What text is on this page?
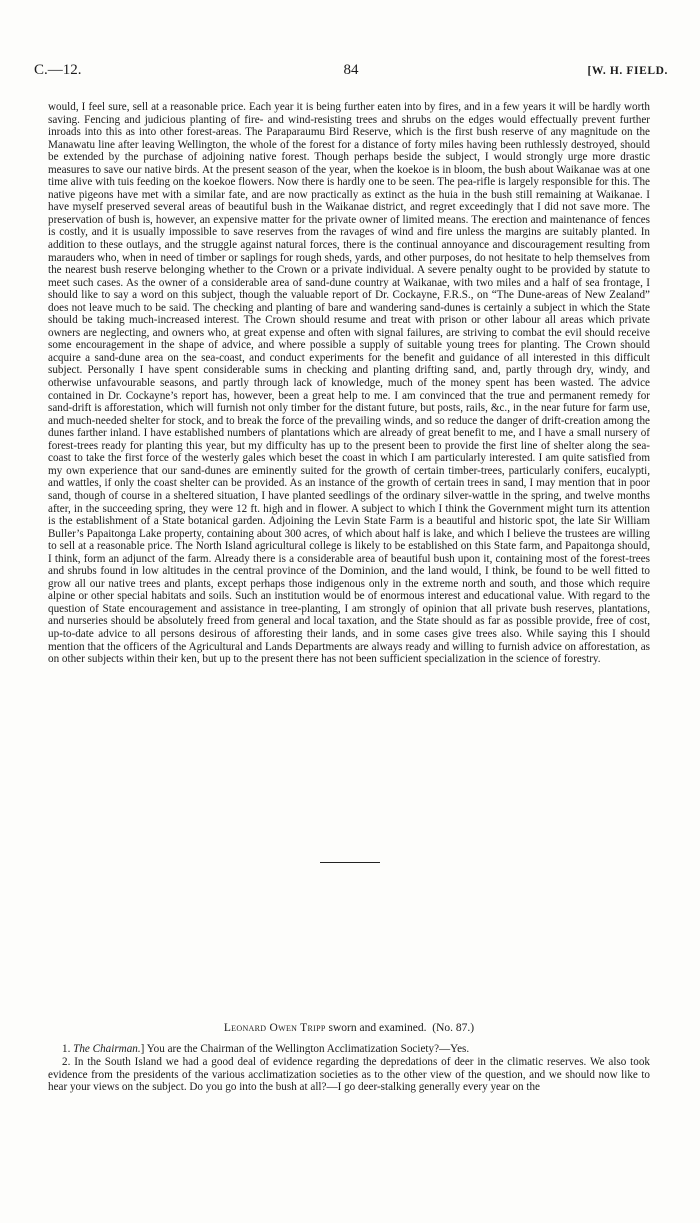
C.—12.	84	[W. H. FIELD.

would, I feel sure, sell at a reasonable price. Each year it is being further eaten into by fires, and in a few years it will be hardly worth saving. Fencing and judicious planting of fire- and wind-resisting trees and shrubs on the edges would effectually prevent further inroads into this as into other forest-areas. The Paraparaumu Bird Reserve, which is the first bush reserve of any magnitude on the Manawatu line after leaving Wellington, the whole of the forest for a distance of forty miles having been ruthlessly destroyed, should be extended by the purchase of adjoining native forest. Though perhaps beside the subject, I would strongly urge more drastic measures to save our native birds. At the present season of the year, when the koekoe is in bloom, the bush about Waikanae was at one time alive with tuis feeding on the koekoe flowers. Now there is hardly one to be seen. The pea-rifle is largely responsible for this. The native pigeons have met with a similar fate, and are now practically as extinct as the huia in the bush still remaining at Waikanae. I have myself preserved several areas of beautiful bush in the Waikanae district, and regret exceedingly that I did not save more. The preservation of bush is, however, an expensive matter for the private owner of limited means. The erection and maintenance of fences is costly, and it is usually impossible to save reserves from the ravages of wind and fire unless the margins are suitably planted. In addition to these outlays, and the struggle against natural forces, there is the continual annoyance and discouragement resulting from marauders who, when in need of timber or saplings for rough sheds, yards, and other purposes, do not hesitate to help themselves from the nearest bush reserve belonging whether to the Crown or a private individual. A severe penalty ought to be provided by statute to meet such cases. As the owner of a considerable area of sand-dune country at Waikanae, with two miles and a half of sea frontage, I should like to say a word on this subject, though the valuable report of Dr. Cockayne, F.R.S., on “The Dune-areas of New Zealand” does not leave much to be said. The checking and planting of bare and wandering sand-dunes is certainly a subject in which the State should be taking much-increased interest. The Crown should resume and treat with prison or other labour all areas which private owners are neglecting, and owners who, at great expense and often with signal failures, are striving to combat the evil should receive some encouragement in the shape of advice, and where possible a supply of suitable young trees for planting. The Crown should acquire a sand-dune area on the sea-coast, and conduct experiments for the benefit and guidance of all interested in this difficult subject. Personally I have spent considerable sums in checking and planting drifting sand, and, partly through dry, windy, and otherwise unfavourable seasons, and partly through lack of knowledge, much of the money spent has been wasted. The advice contained in Dr. Cockayne’s report has, however, been a great help to me. I am convinced that the true and permanent remedy for sand-drift is afforestation, which will furnish not only timber for the distant future, but posts, rails, &c., in the near future for farm use, and much-needed shelter for stock, and to break the force of the prevailing winds, and so reduce the danger of drift-creation among the dunes farther inland. I have established numbers of plantations which are already of great benefit to me, and I have a small nursery of forest-trees ready for planting this year, but my difficulty has up to the present been to provide the first line of shelter along the sea-coast to take the first force of the westerly gales which beset the coast in which I am particularly interested. I am quite satisfied from my own experience that our sand-dunes are eminently suited for the growth of certain timber-trees, particularly conifers, eucalypti, and wattles, if only the coast shelter can be provided. As an instance of the growth of certain trees in sand, I may mention that in poor sand, though of course in a sheltered situation, I have planted seedlings of the ordinary silver-wattle in the spring, and twelve months after, in the succeeding spring, they were 12 ft. high and in flower. A subject to which I think the Government might turn its attention is the establishment of a State botanical garden. Adjoining the Levin State Farm is a beautiful and historic spot, the late Sir William Buller’s Papaitonga Lake property, containing about 300 acres, of which about half is lake, and which I believe the trustees are willing to sell at a reasonable price. The North Island agricultural college is likely to be established on this State farm, and Papaitonga should, I think, form an adjunct of the farm. Already there is a considerable area of beautiful bush upon it, containing most of the forest-trees and shrubs found in low altitudes in the central province of the Dominion, and the land would, I think, be found to be well fitted to grow all our native trees and plants, except perhaps those indigenous only in the extreme north and south, and those which require alpine or other special habitats and soils. Such an institution would be of enormous interest and educational value. With regard to the question of State encouragement and assistance in tree-planting, I am strongly of opinion that all private bush reserves, plantations, and nurseries should be absolutely freed from general and local taxation, and the State should as far as possible provide, free of cost, up-to-date advice to all persons desirous of afforesting their lands, and in some cases give trees also. While saying this I should mention that the officers of the Agricultural and Lands Departments are always ready and willing to furnish advice on afforestation, as on other subjects within their ken, but up to the present there has not been sufficient specialization in the science of forestry.

Leonard Owen Tripp sworn and examined. (No. 87.)

1. The Chairman.] You are the Chairman of the Wellington Acclimatization Society?—Yes.

2. In the South Island we had a good deal of evidence regarding the depredations of deer in the climatic reserves. We also took evidence from the presidents of the various acclimatization societies as to the other view of the question, and we should now like to hear your views on the subject. Do you go into the bush at all?—I go deer-stalking generally every year on the
